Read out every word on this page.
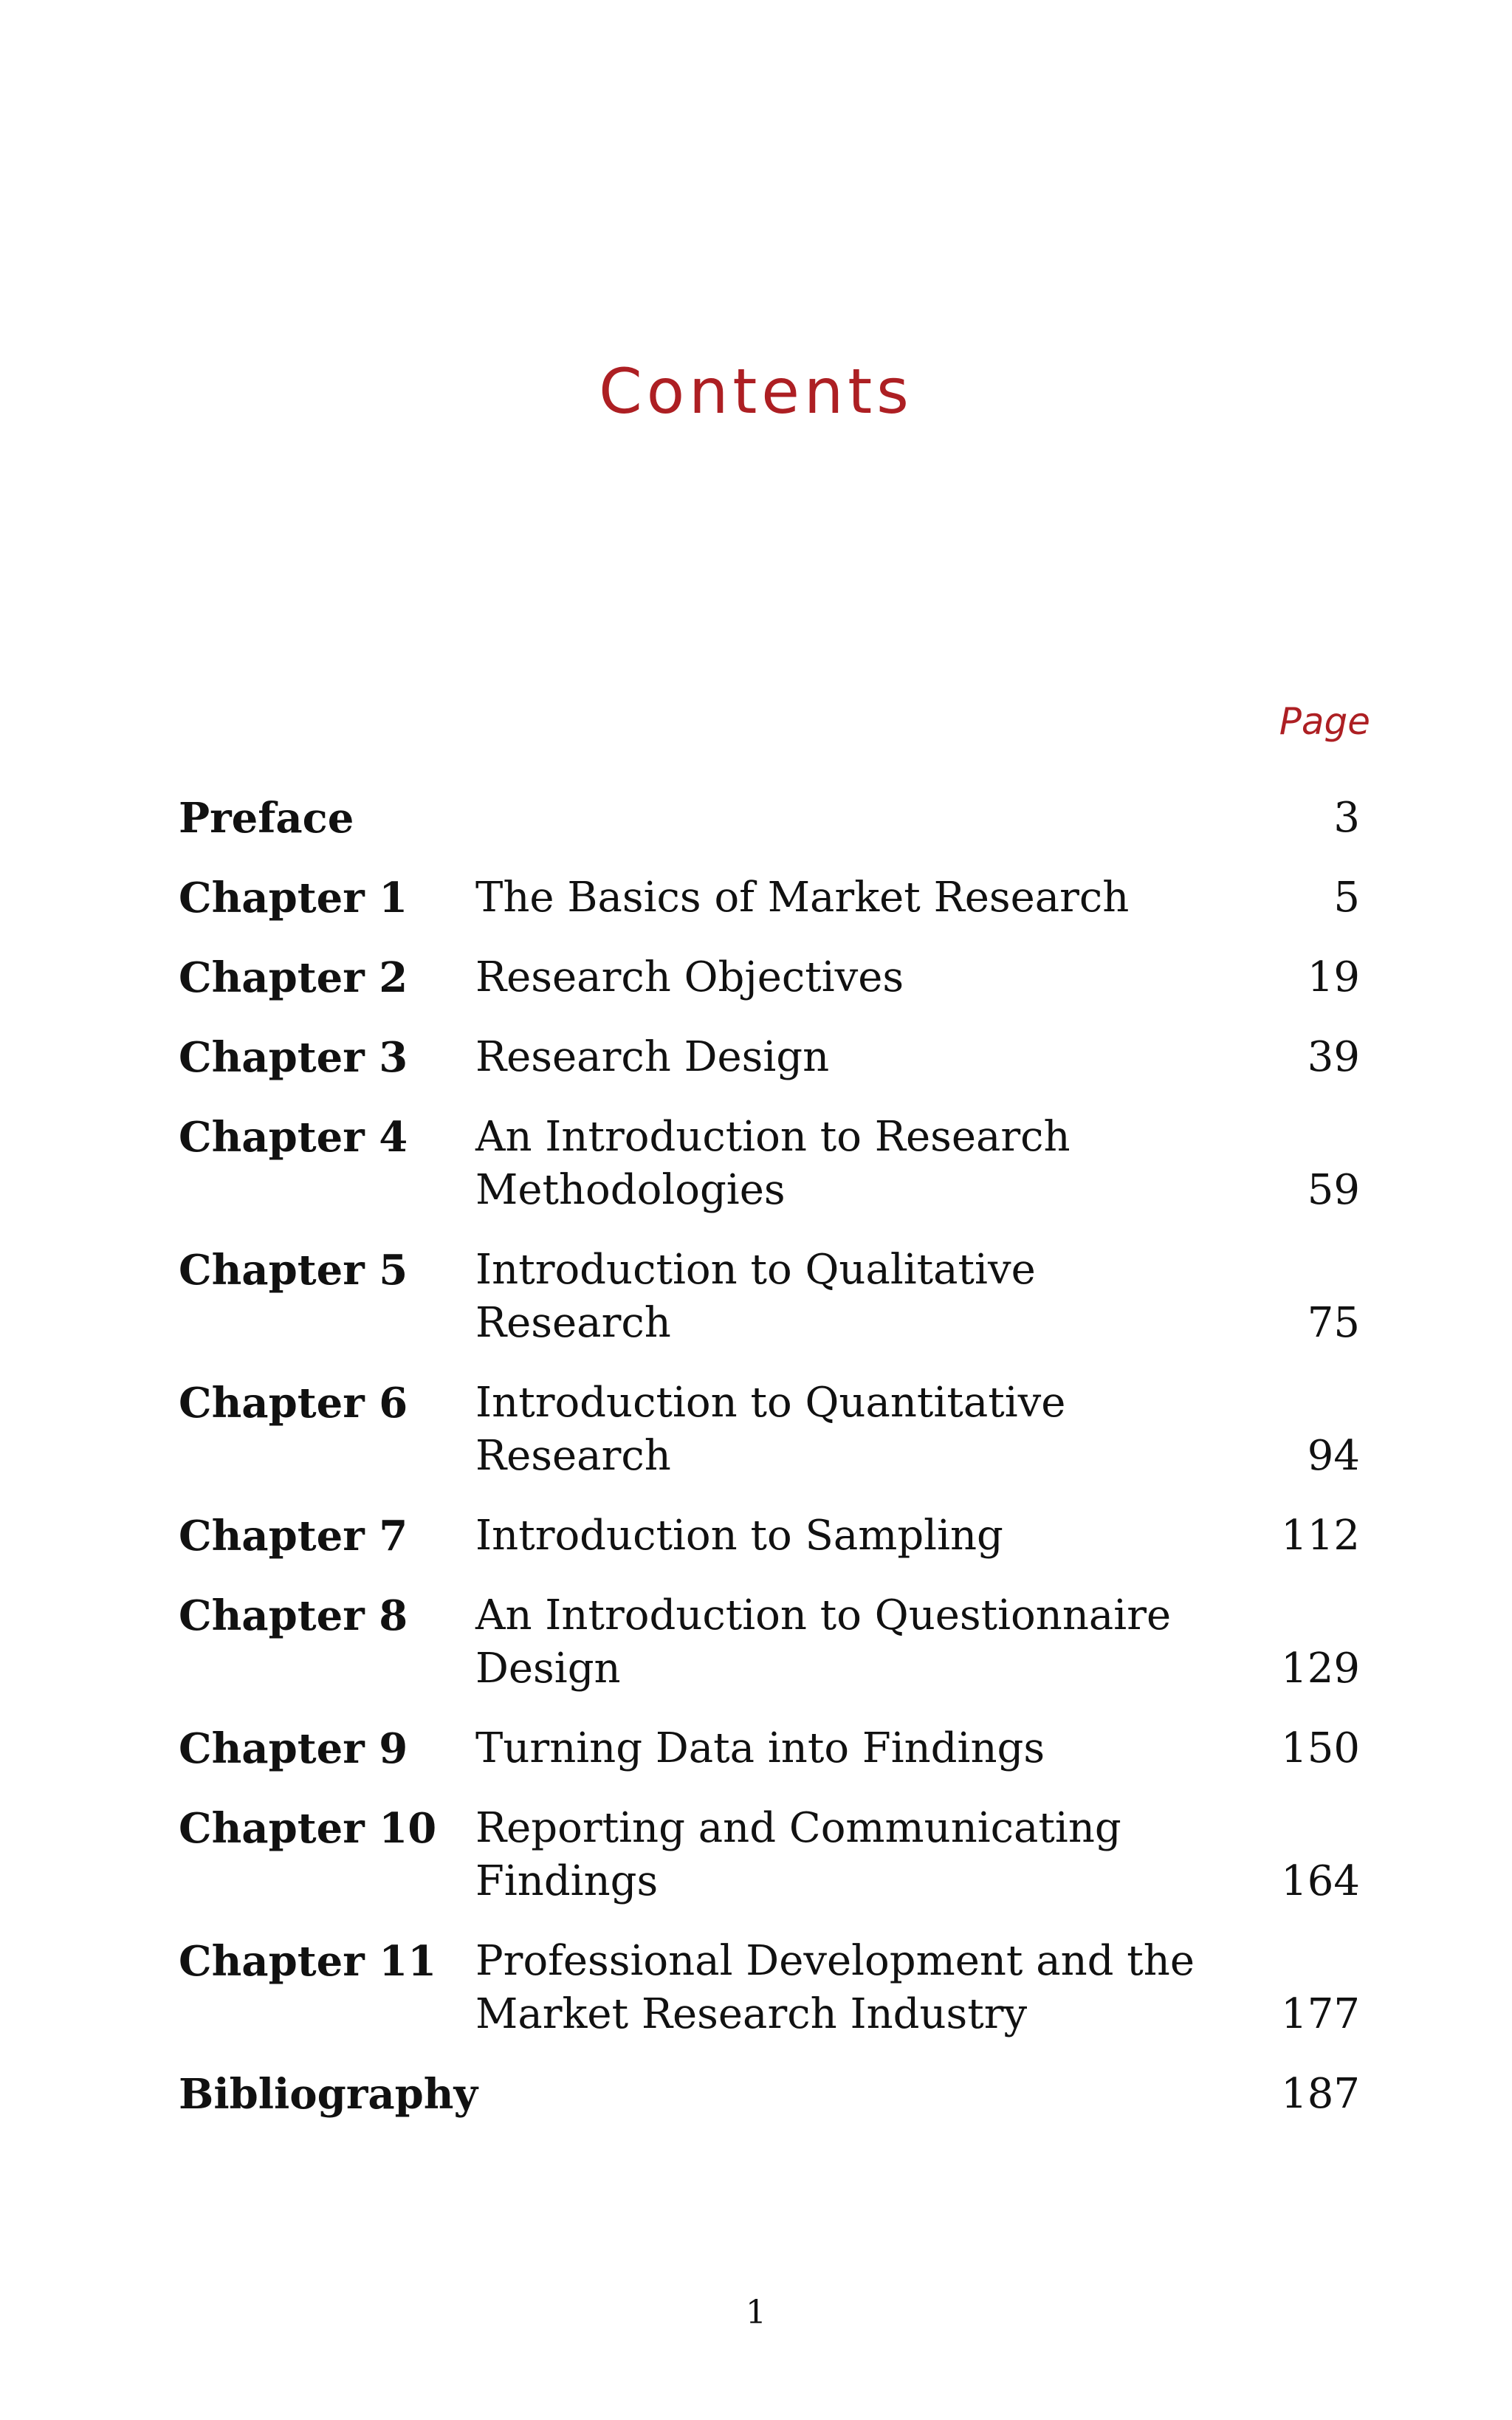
Contents
Page
Preface	3
Chapter 1	The Basics of Market Research	5
Chapter 2	Research Objectives	19
Chapter 3	Research Design	39
Chapter 4	An Introduction to Research Methodologies	59
Chapter 5	Introduction to Qualitative Research	75
Chapter 6	Introduction to Quantitative Research	94
Chapter 7	Introduction to Sampling	112
Chapter 8	An Introduction to Questionnaire Design	129
Chapter 9	Turning Data into Findings	150
Chapter 10 Reporting and Communicating Findings	164
Chapter 11 Professional Development and the Market Research Industry	177
Bibliography	187
1
